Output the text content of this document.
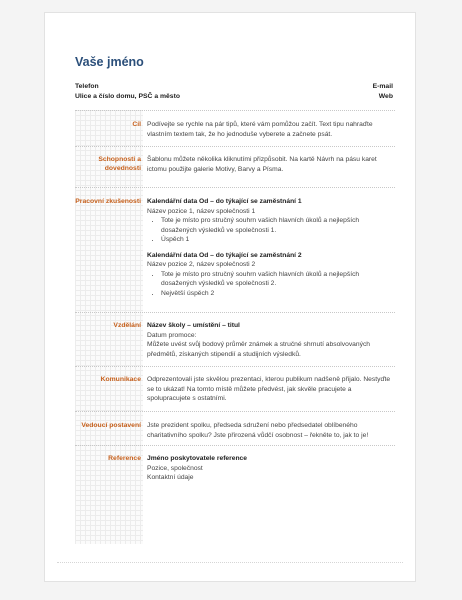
Vaše jméno
Telefon
Ulice a číslo domu, PSČ a město
E-mail
Web
Cíl Podívejte se rychle na pár tipů, které vám pomůžou začít. Text tipu nahraďte vlastním textem tak, že ho jednoduše vyberete a začnete psát.
Schopnosti a dovednosti
Šablonu můžete několika kliknutími přizpůsobit. Na kartě Návrh na pásu karet ictomu použijte galerie Motivy, Barvy a Písma.
Pracovní zkušenosti Kalendářní data Od – do týkající se zaměstnání 1
Název pozice 1, název společnosti 1
• Tote je místo pro stručný souhrn vašich hlavních úkolů a nejlepších dosažených výsledků ve společnosti 1.
• Úspěch 1
Kalendářní data Od – do týkající se zaměstnání 2
Název pozice 2, název společnosti 2
• Tote je místo pro stručný souhrn vašich hlavních úkolů a nejlepších dosažených výsledků ve společnosti 2.
• Největší úspěch 2
Vzdělání Název školy – umístění – titul
Datum promoce:
Můžete uvést svůj bodový průměr známek a stručné shrnutí absolvovaných předmětů, získaných stipendií a studijních výsledků.
Komunikace Odprezentovali jste skvělou prezentaci, kterou publikum nadšeně přijalo. Nestyďte se to ukázat! Na tomto místě můžete předvést, jak skvěle pracujete a spolupracujete s ostatními.
Vedoucí postavení Jste prezident spolku, předseda sdružení nebo předsedatel oblíbeného charitativního spolku? Jste přirozená vůdčí osobnost – řekněte to, jak to je!
Reference Jméno poskytovatele reference
Pozice, společnost
Kontaktní údaje
